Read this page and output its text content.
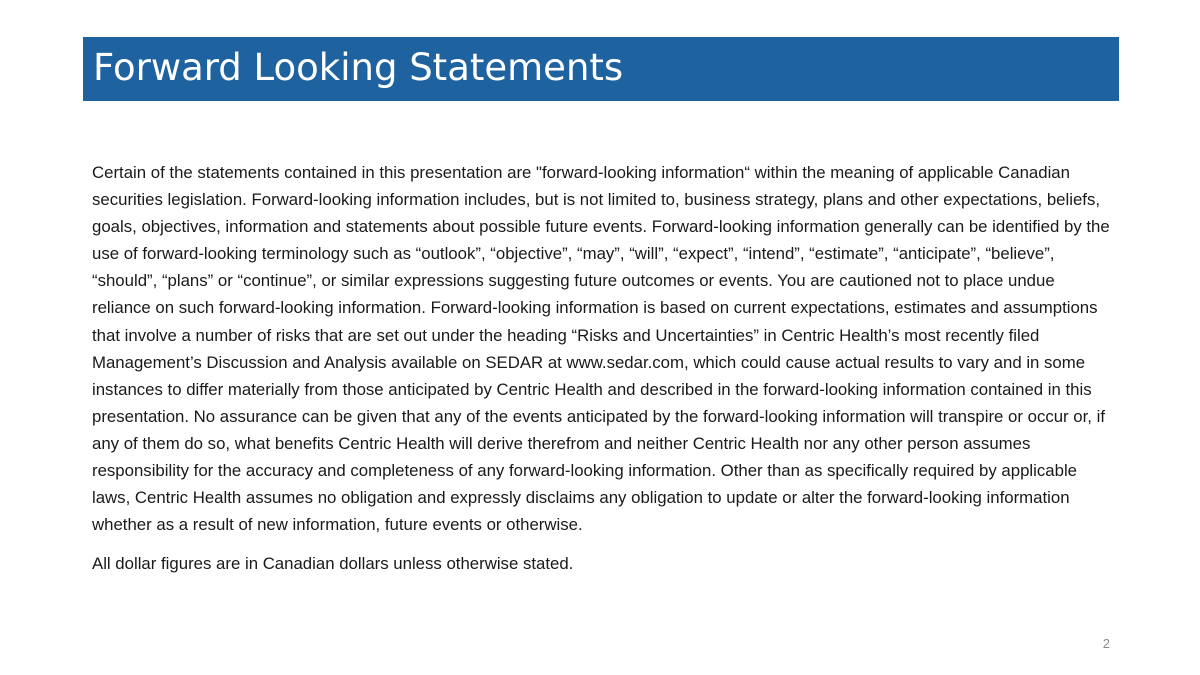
Forward Looking Statements

Certain of the statements contained in this presentation are "forward-looking information“ within the meaning of applicable Canadian securities legislation. Forward-looking information includes, but is not limited to, business strategy, plans and other expectations, beliefs, goals, objectives, information and statements about possible future events. Forward-looking information generally can be identified by the use of forward-looking terminology such as “outlook”, “objective”, “may”, “will”, “expect”, “intend”, “estimate”, “anticipate”, “believe”, “should”, “plans” or “continue”, or similar expressions suggesting future outcomes or events. You are cautioned not to place undue reliance on such forward-looking information. Forward-looking information is based on current expectations, estimates and assumptions that involve a number of risks that are set out under the heading “Risks and Uncertainties” in Centric Health’s most recently filed Management’s Discussion and Analysis available on SEDAR at www.sedar.com, which could cause actual results to vary and in some instances to differ materially from those anticipated by Centric Health and described in the forward-looking information contained in this presentation. No assurance can be given that any of the events anticipated by the forward-looking information will transpire or occur or, if any of them do so, what benefits Centric Health will derive therefrom and neither Centric Health nor any other person assumes responsibility for the accuracy and completeness of any forward-looking information. Other than as specifically required by applicable laws, Centric Health assumes no obligation and expressly disclaims any obligation to update or alter the forward-looking information whether as a result of new information, future events or otherwise.

All dollar figures are in Canadian dollars unless otherwise stated.

2
